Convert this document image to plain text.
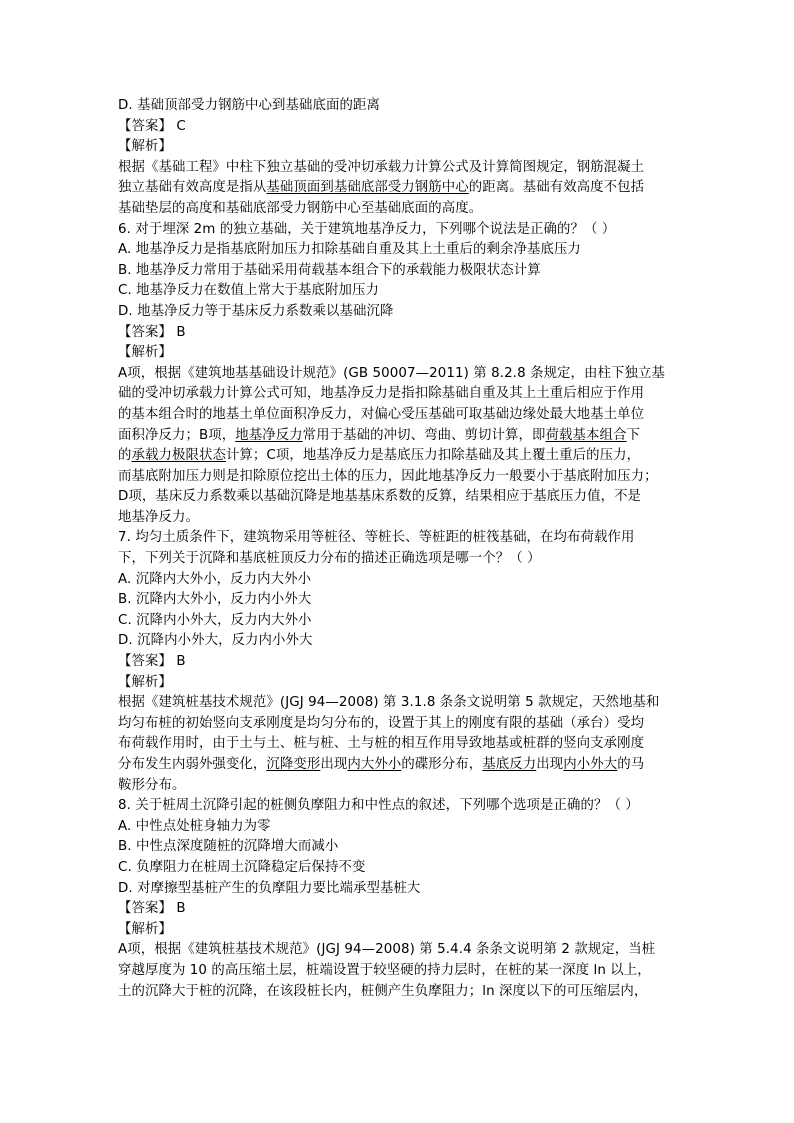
D. 基础顶部受力钢筋中心到基础底面的距离
【答案】 C
【解析】
根据《基础工程》中柱下独立基础的受冲切承载力计算公式及计算简图规定，钢筋混凝土
独立基础有效高度是指从基础顶面到基础底部受力钢筋中心的距离。基础有效高度不包括
基础垫层的高度和基础底部受力钢筋中心至基础底面的高度。
6. 对于埋深 2m 的独立基础，关于建筑地基净反力，下列哪个说法是正确的？（ ）
A. 地基净反力是指基底附加压力扣除基础自重及其上土重后的剩余净基底压力
B. 地基净反力常用于基础采用荷载基本组合下的承载能力极限状态计算
C. 地基净反力在数值上常大于基底附加压力
D. 地基净反力等于基床反力系数乘以基础沉降
【答案】 B
【解析】
A项，根据《建筑地基基础设计规范》(GB 50007—2011) 第 8.2.8 条规定，由柱下独立基
础的受冲切承载力计算公式可知，地基净反力是指扣除基础自重及其上土重后相应于作用
的基本组合时的地基土单位面积净反力，对偏心受压基础可取基础边缘处最大地基土单位
面积净反力；B项，地基净反力常用于基础的冲切、弯曲、剪切计算，即荷载基本组合下
的承载力极限状态计算；C项，地基净反力是基底压力扣除基础及其上覆土重后的压力，
而基底附加压力则是扣除原位挖出土体的压力，因此地基净反力一般要小于基底附加压力；
D项，基床反力系数乘以基础沉降是地基基床系数的反算，结果相应于基底压力值，不是
地基净反力。
7. 均匀土质条件下，建筑物采用等桩径、等桩长、等桩距的桩筏基础，在均布荷载作用
下，下列关于沉降和基底桩顶反力分布的描述正确选项是哪一个？（ ）
A. 沉降内大外小，反力内大外小
B. 沉降内大外小，反力内小外大
C. 沉降内小外大，反力内大外小
D. 沉降内小外大，反力内小外大
【答案】 B
【解析】
根据《建筑桩基技术规范》(JGJ 94—2008) 第 3.1.8 条条文说明第 5 款规定，天然地基和
均匀布桩的初始竖向支承刚度是均匀分布的，设置于其上的刚度有限的基础（承台）受均
布荷载作用时，由于土与土、桩与桩、土与桩的相互作用导致地基或桩群的竖向支承刚度
分布发生内弱外强变化，沉降变形出现内大外小的碟形分布，基底反力出现内小外大的马
鞍形分布。
8. 关于桩周土沉降引起的桩侧负摩阻力和中性点的叙述，下列哪个选项是正确的？（ ）
A. 中性点处桩身轴力为零
B. 中性点深度随桩的沉降增大而减小
C. 负摩阻力在桩周土沉降稳定后保持不变
D. 对摩擦型基桩产生的负摩阻力要比端承型基桩大
【答案】 B
【解析】
A项，根据《建筑桩基技术规范》(JGJ 94—2008) 第 5.4.4 条条文说明第 2 款规定，当桩
穿越厚度为 10 的高压缩土层，桩端设置于较坚硬的持力层时，在桩的某一深度 ln 以上，
土的沉降大于桩的沉降，在该段桩长内，桩侧产生负摩阻力；ln 深度以下的可压缩层内，
